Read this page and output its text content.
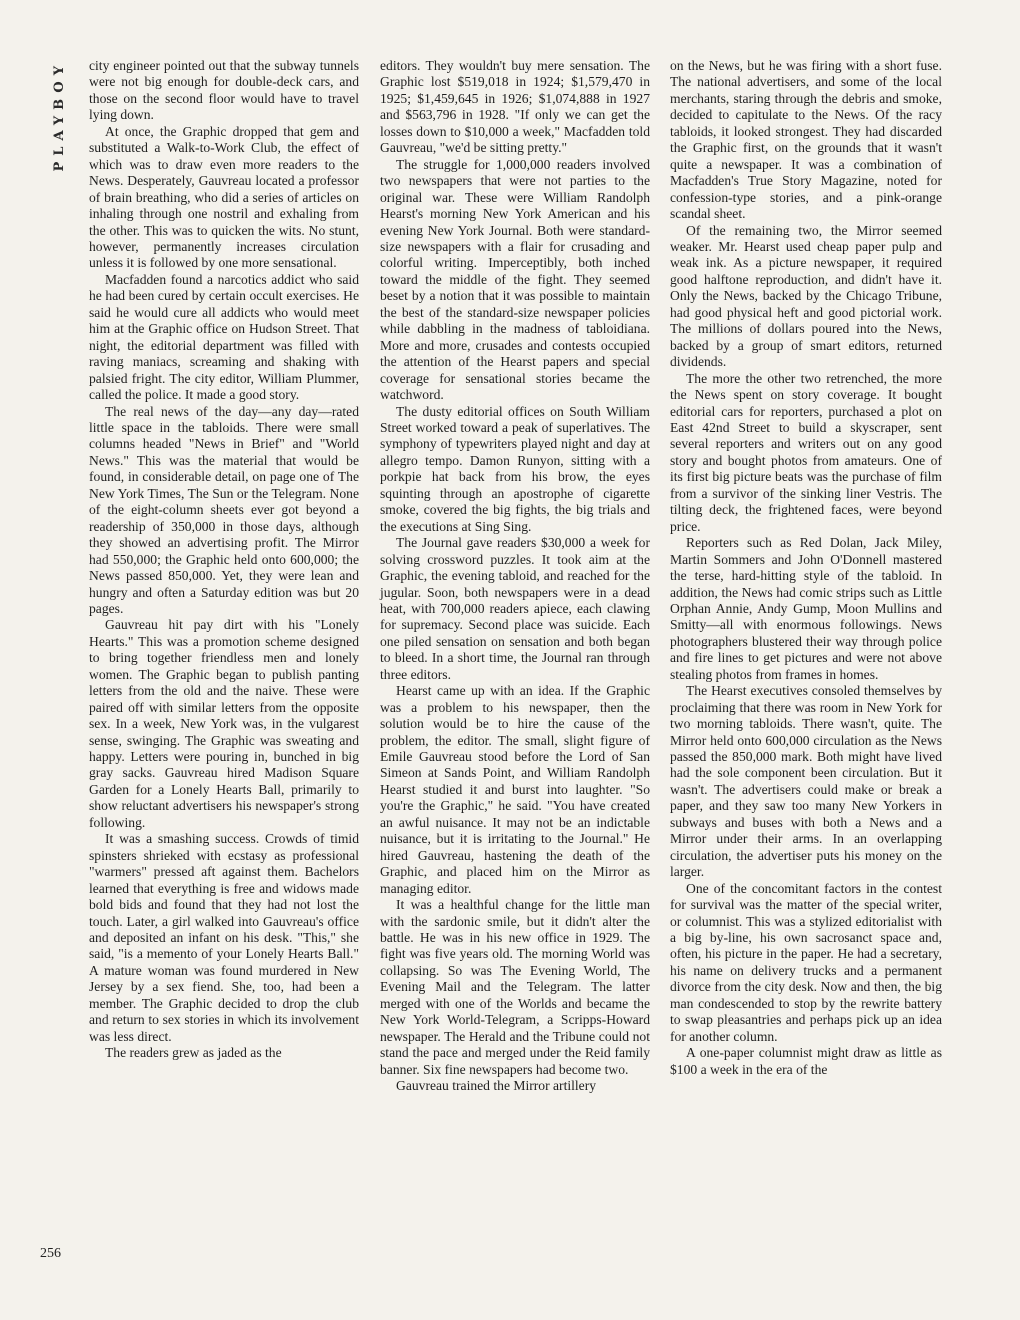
PLAYBOY
256

city engineer pointed out that the subway tunnels were not big enough for double-deck cars, and those on the second floor would have to travel lying down.

At once, the Graphic dropped that gem and substituted a Walk-to-Work Club, the effect of which was to draw even more readers to the News. Desperately, Gauvreau located a professor of brain breathing, who did a series of articles on inhaling through one nostril and exhaling from the other. This was to quicken the wits. No stunt, however, permanently increases circulation unless it is followed by one more sensational.

Macfadden found a narcotics addict who said he had been cured by certain occult exercises. He said he would cure all addicts who would meet him at the Graphic office on Hudson Street. That night, the editorial department was filled with raving maniacs, screaming and shaking with palsied fright. The city editor, William Plummer, called the police. It made a good story.

The real news of the day—any day—rated little space in the tabloids. There were small columns headed "News in Brief" and "World News." This was the material that would be found, in considerable detail, on page one of The New York Times, The Sun or the Telegram. None of the eight-column sheets ever got beyond a readership of 350,000 in those days, although they showed an advertising profit. The Mirror had 550,000; the Graphic held onto 600,000; the News passed 850,000. Yet, they were lean and hungry and often a Saturday edition was but 20 pages.

Gauvreau hit pay dirt with his "Lonely Hearts." This was a promotion scheme designed to bring together friendless men and lonely women. The Graphic began to publish panting letters from the old and the naive. These were paired off with similar letters from the opposite sex. In a week, New York was, in the vulgarest sense, swinging. The Graphic was sweating and happy. Letters were pouring in, bunched in big gray sacks. Gauvreau hired Madison Square Garden for a Lonely Hearts Ball, primarily to show reluctant advertisers his newspaper's strong following.

It was a smashing success. Crowds of timid spinsters shrieked with ecstasy as professional "warmers" pressed aft against them. Bachelors learned that everything is free and widows made bold bids and found that they had not lost the touch. Later, a girl walked into Gauvreau's office and deposited an infant on his desk. "This," she said, "is a memento of your Lonely Hearts Ball." A mature woman was found murdered in New Jersey by a sex fiend. She, too, had been a member. The Graphic decided to drop the club and return to sex stories in which its involvement was less direct.

The readers grew as jaded as the

editors. They wouldn't buy mere sensation. The Graphic lost $519,018 in 1924; $1,579,470 in 1925; $1,459,645 in 1926; $1,074,888 in 1927 and $563,796 in 1928. "If only we can get the losses down to $10,000 a week," Macfadden told Gauvreau, "we'd be sitting pretty."

The struggle for 1,000,000 readers involved two newspapers that were not parties to the original war. These were William Randolph Hearst's morning New York American and his evening New York Journal. Both were standard-size newspapers with a flair for crusading and colorful writing. Imperceptibly, both inched toward the middle of the fight. They seemed beset by a notion that it was possible to maintain the best of the standard-size newspaper policies while dabbling in the madness of tabloidiana. More and more, crusades and contests occupied the attention of the Hearst papers and special coverage for sensational stories became the watchword.

The dusty editorial offices on South William Street worked toward a peak of superlatives. The symphony of typewriters played night and day at allegro tempo. Damon Runyon, sitting with a porkpie hat back from his brow, the eyes squinting through an apostrophe of cigarette smoke, covered the big fights, the big trials and the executions at Sing Sing.

The Journal gave readers $30,000 a week for solving crossword puzzles. It took aim at the Graphic, the evening tabloid, and reached for the jugular. Soon, both newspapers were in a dead heat, with 700,000 readers apiece, each clawing for supremacy. Second place was suicide. Each one piled sensation on sensation and both began to bleed. In a short time, the Journal ran through three editors.

Hearst came up with an idea. If the Graphic was a problem to his newspaper, then the solution would be to hire the cause of the problem, the editor. The small, slight figure of Emile Gauvreau stood before the Lord of San Simeon at Sands Point, and William Randolph Hearst studied it and burst into laughter. "So you're the Graphic," he said. "You have created an awful nuisance. It may not be an indictable nuisance, but it is irritating to the Journal." He hired Gauvreau, hastening the death of the Graphic, and placed him on the Mirror as managing editor.

It was a healthful change for the little man with the sardonic smile, but it didn't alter the battle. He was in his new office in 1929. The fight was five years old. The morning World was collapsing. So was The Evening World, The Evening Mail and the Telegram. The latter merged with one of the Worlds and became the New York World-Telegram, a Scripps-Howard newspaper. The Herald and the Tribune could not stand the pace and merged under the Reid family banner. Six fine newspapers had become two.

Gauvreau trained the Mirror artillery

on the News, but he was firing with a short fuse. The national advertisers, and some of the local merchants, staring through the debris and smoke, decided to capitulate to the News. Of the racy tabloids, it looked strongest. They had discarded the Graphic first, on the grounds that it wasn't quite a newspaper. It was a combination of Macfadden's True Story Magazine, noted for confession-type stories, and a pink-orange scandal sheet.

Of the remaining two, the Mirror seemed weaker. Mr. Hearst used cheap paper pulp and weak ink. As a picture newspaper, it required good halftone reproduction, and didn't have it. Only the News, backed by the Chicago Tribune, had good physical heft and good pictorial work. The millions of dollars poured into the News, backed by a group of smart editors, returned dividends.

The more the other two retrenched, the more the News spent on story coverage. It bought editorial cars for reporters, purchased a plot on East 42nd Street to build a skyscraper, sent several reporters and writers out on any good story and bought photos from amateurs. One of its first big picture beats was the purchase of film from a survivor of the sinking liner Vestris. The tilting deck, the frightened faces, were beyond price.

Reporters such as Red Dolan, Jack Miley, Martin Sommers and John O'Donnell mastered the terse, hard-hitting style of the tabloid. In addition, the News had comic strips such as Little Orphan Annie, Andy Gump, Moon Mullins and Smitty—all with enormous followings. News photographers blustered their way through police and fire lines to get pictures and were not above stealing photos from frames in homes.

The Hearst executives consoled themselves by proclaiming that there was room in New York for two morning tabloids. There wasn't, quite. The Mirror held onto 600,000 circulation as the News passed the 850,000 mark. Both might have lived had the sole component been circulation. But it wasn't. The advertisers could make or break a paper, and they saw too many New Yorkers in subways and buses with both a News and a Mirror under their arms. In an overlapping circulation, the advertiser puts his money on the larger.

One of the concomitant factors in the contest for survival was the matter of the special writer, or columnist. This was a stylized editorialist with a big by-line, his own sacrosanct space and, often, his picture in the paper. He had a secretary, his name on delivery trucks and a permanent divorce from the city desk. Now and then, the big man condescended to stop by the rewrite battery to swap pleasantries and perhaps pick up an idea for another column.

A one-paper columnist might draw as little as $100 a week in the era of the
